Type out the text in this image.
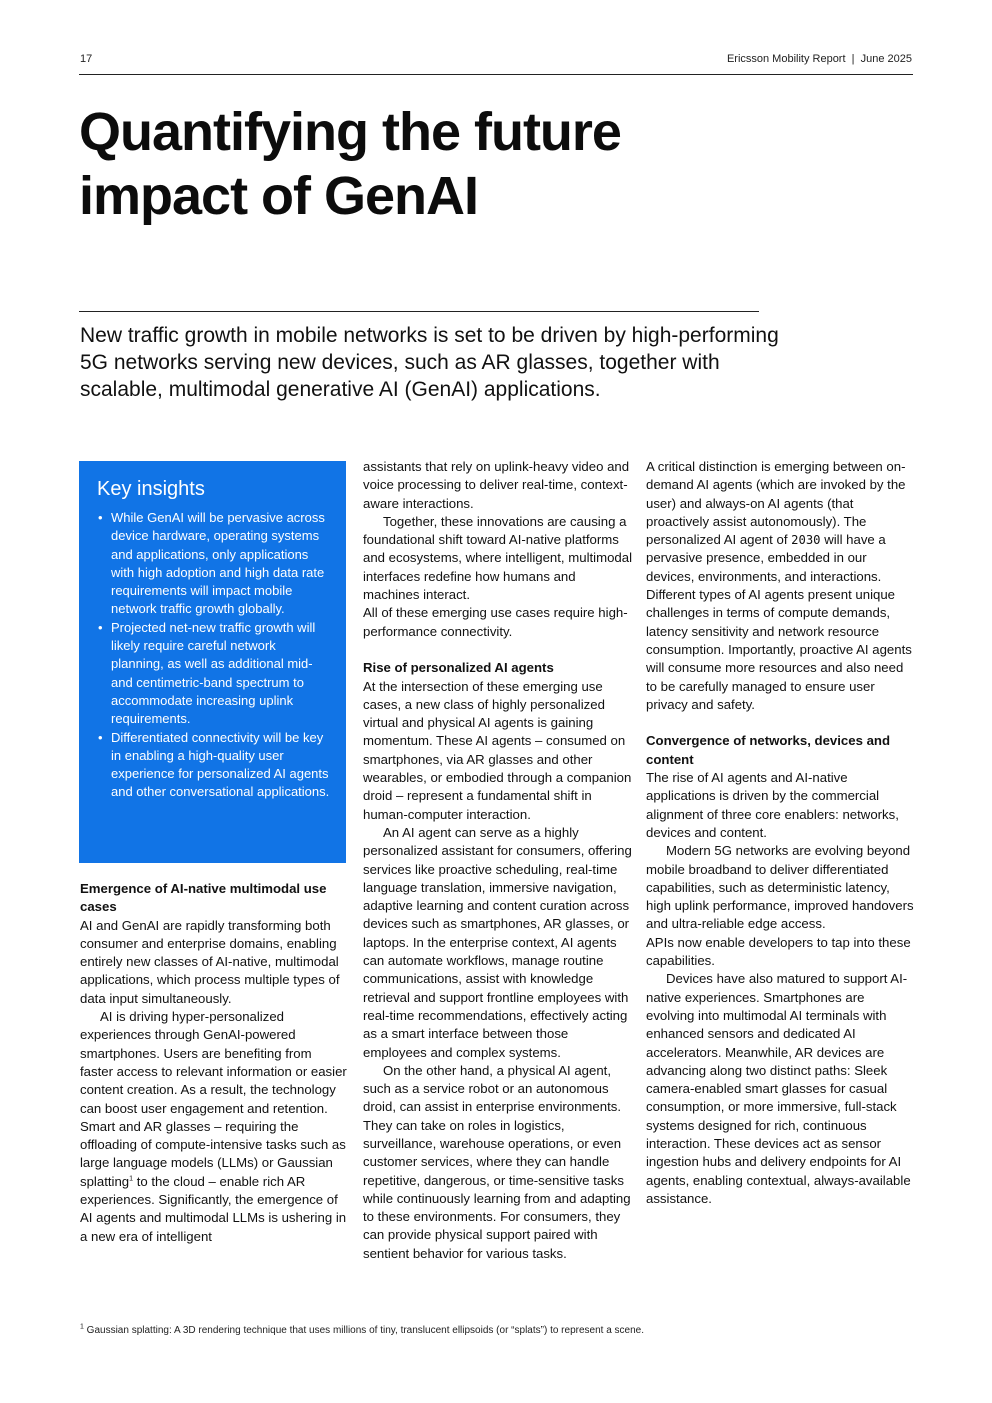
17	Ericsson Mobility Report  |  June 2025
Quantifying the future
impact of GenAI

New traffic growth in mobile networks is set to be driven by high-performing 5G networks serving new devices, such as AR glasses, together with scalable, multimodal generative AI (GenAI) applications.

Key insights
• While GenAI will be pervasive across device hardware, operating systems and applications, only applications with high adoption and high data rate requirements will impact mobile network traffic growth globally.
• Projected net-new traffic growth will likely require careful network planning, as well as additional mid- and centimetric-band spectrum to accommodate increasing uplink requirements.
• Differentiated connectivity will be key in enabling a high-quality user experience for personalized AI agents and other conversational applications.
Emergence of AI-native multimodal use cases

AI and GenAI are rapidly transforming both consumer and enterprise domains, enabling entirely new classes of AI-native, multimodal applications, which process multiple types of data input simultaneously.

AI is driving hyper-personalized experiences through GenAI-powered smartphones. Users are benefiting from faster access to relevant information or easier content creation. As a result, the technology can boost user engagement and retention. Smart and AR glasses – requiring the offloading of compute-intensive tasks such as large language models (LLMs) or Gaussian splatting$^1$ to the cloud – enable rich AR experiences. Significantly, the emergence of AI agents and multimodal LLMs is ushering in a new era of intelligent

assistants that rely on uplink-heavy video and voice processing to deliver real-time, context-aware interactions.

Together, these innovations are causing a foundational shift toward AI-native platforms and ecosystems, where intelligent, multimodal interfaces redefine how humans and machines interact.

All of these emerging use cases require high-performance connectivity.

Rise of personalized AI agents

At the intersection of these emerging use cases, a new class of highly personalized virtual and physical AI agents is gaining momentum. These AI agents – consumed on smartphones, via AR glasses and other wearables, or embodied through a companion droid – represent a fundamental shift in human-computer interaction.

An AI agent can serve as a highly personalized assistant for consumers, offering services like proactive scheduling, real-time language translation, immersive navigation, adaptive learning and content curation across devices such as smartphones, AR glasses, or laptops. In the enterprise context, AI agents can automate workflows, manage routine communications, assist with knowledge retrieval and support frontline employees with real-time recommendations, effectively acting as a smart interface between those employees and complex systems.

On the other hand, a physical AI agent, such as a service robot or an autonomous droid, can assist in enterprise environments. They can take on roles in logistics, surveillance, warehouse operations, or even customer services, where they can handle repetitive, dangerous, or time-sensitive tasks while continuously learning from and adapting to these environments. For consumers, they can provide physical support paired with sentient behavior for various tasks.

A critical distinction is emerging between on-demand AI agents (which are invoked by the user) and always-on AI agents (that proactively assist autonomously). The personalized AI agent of 2030 will have a pervasive presence, embedded in our devices, environments, and interactions. Different types of AI agents present unique challenges in terms of compute demands, latency sensitivity and network resource consumption. Importantly, proactive AI agents will consume more resources and also need to be carefully managed to ensure user privacy and safety.

Convergence of networks, devices and content

The rise of AI agents and AI-native applications is driven by the commercial alignment of three core enablers: networks, devices and content.

Modern 5G networks are evolving beyond mobile broadband to deliver differentiated capabilities, such as deterministic latency, high uplink performance, improved handovers and ultra-reliable edge access.

APIs now enable developers to tap into these capabilities.

Devices have also matured to support AI-native experiences. Smartphones are evolving into multimodal AI terminals with enhanced sensors and dedicated AI accelerators. Meanwhile, AR devices are advancing along two distinct paths: Sleek camera-enabled smart glasses for casual consumption, or more immersive, full-stack systems designed for rich, continuous interaction. These devices act as sensor ingestion hubs and delivery endpoints for AI agents, enabling contextual, always-available assistance.

$^1$ Gaussian splatting: A 3D rendering technique that uses millions of tiny, translucent ellipsoids (or “splats”) to represent a scene.
